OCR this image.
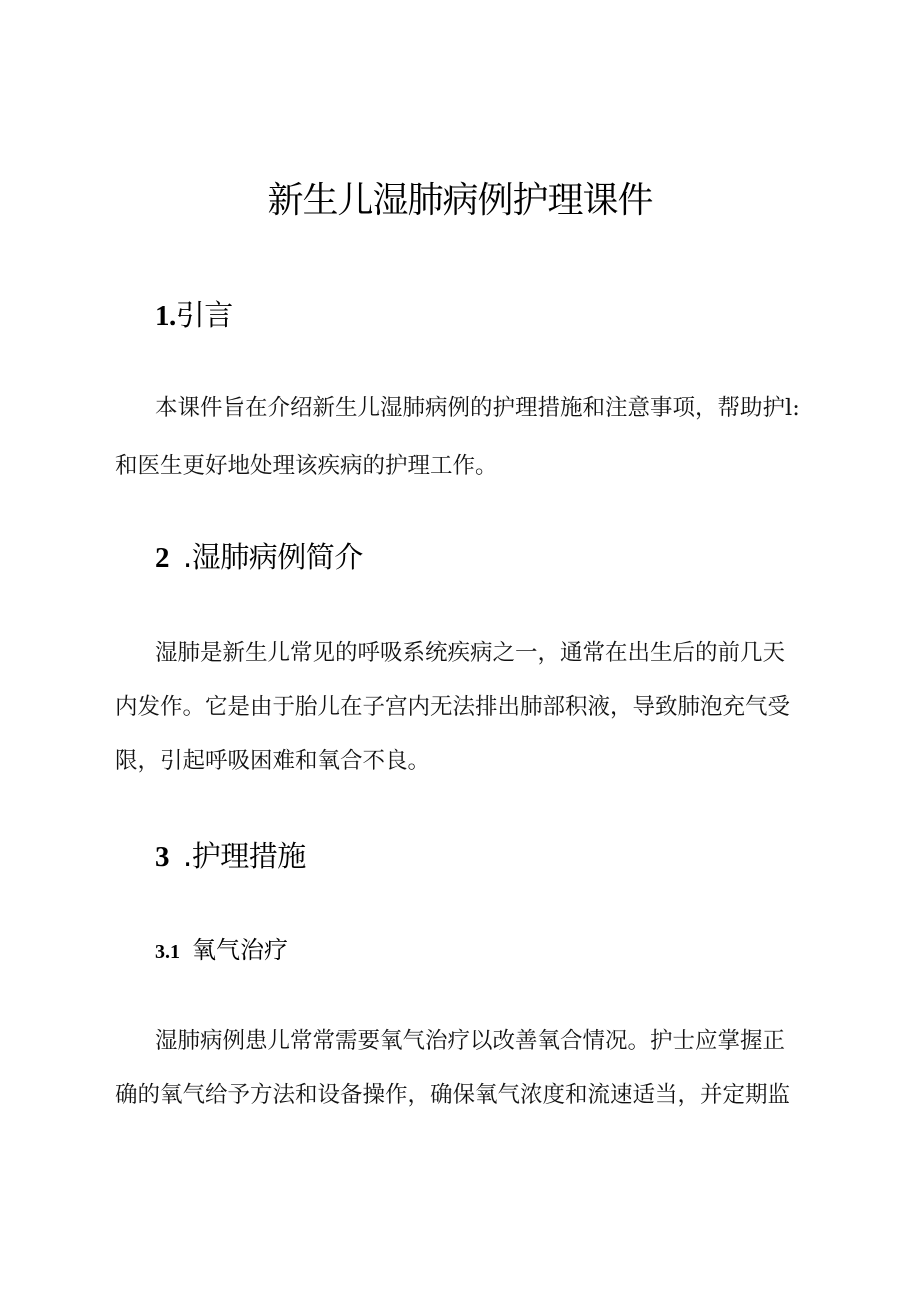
新生儿湿肺病例护理课件
1.引言
本课件旨在介绍新生儿湿肺病例的护理措施和注意事项，帮助护l:
和医生更好地处理该疾病的护理工作。
2 .湿肺病例简介
湿肺是新生儿常见的呼吸系统疾病之一，通常在出生后的前几天
内发作。它是由于胎儿在子宫内无法排出肺部积液，导致肺泡充气受
限，引起呼吸困难和氧合不良。
3 .护理措施
3.1 氧气治疗
湿肺病例患儿常常需要氧气治疗以改善氧合情况。护士应掌握正
确的氧气给予方法和设备操作，确保氧气浓度和流速适当，并定期监
